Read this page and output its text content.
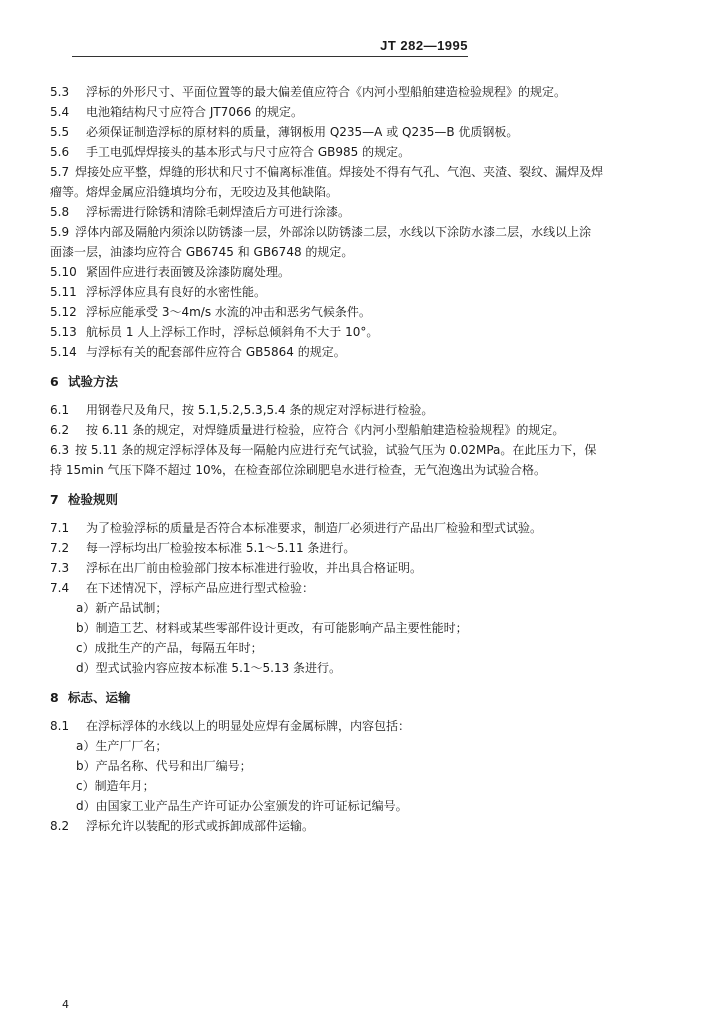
JT 282—1995
5.3	浮标的外形尺寸、平面位置等的最大偏差值应符合《内河小型船舶建造检验规程》的规定。
5.4	电池箱结构尺寸应符合 JT7066 的规定。
5.5	必须保证制造浮标的原材料的质量，薄钢板用 Q235—A 或 Q235—B 优质钢板。
5.6	手工电弧焊焊接头的基本形式与尺寸应符合 GB985 的规定。
5.7 焊接处应平整，焊缝的形状和尺寸不偏离标准值。焊接处不得有气孔、气泡、夹渣、裂纹、漏焊及焊
瘤等。熔焊金属应沿缝填均分布，无咬边及其他缺陷。
5.8	浮标需进行除锈和清除毛刺焊渣后方可进行涂漆。
5.9 浮体内部及隔舱内须涂以防锈漆一层，外部涂以防锈漆二层，水线以下涂防水漆二层，水线以上涂
面漆一层，油漆均应符合 GB6745 和 GB6748 的规定。
5.10 紧固件应进行表面镀及涂漆防腐处理。
5.11 浮标浮体应具有良好的水密性能。
5.12 浮标应能承受 3～4m/s 水流的冲击和恶劣气候条件。
5.13 航标员 1 人上浮标工作时，浮标总倾斜角不大于 10°。
5.14 与浮标有关的配套部件应符合 GB5864 的规定。
6 试验方法
6.1	用钢卷尺及角尺，按 5.1,5.2,5.3,5.4 条的规定对浮标进行检验。
6.2	按 6.11 条的规定，对焊缝质量进行检验，应符合《内河小型船舶建造检验规程》的规定。
6.3 按 5.11 条的规定浮标浮体及每一隔舱内应进行充气试验，试验气压为 0.02MPa。在此压力下，保
持 15min 气压下降不超过 10%，在检查部位涂刷肥皂水进行检查，无气泡逸出为试验合格。
7 检验规则
7.1	为了检验浮标的质量是否符合本标准要求，制造厂必须进行产品出厂检验和型式试验。
7.2	每一浮标均出厂检验按本标准 5.1～5.11 条进行。
7.3	浮标在出厂前由检验部门按本标准进行验收，并出具合格证明。
7.4	在下述情况下，浮标产品应进行型式检验：
a）新产品试制；
b）制造工艺、材料或某些零部件设计更改，有可能影响产品主要性能时；
c）成批生产的产品，每隔五年时；
d）型式试验内容应按本标准 5.1～5.13 条进行。
8 标志、运输
8.1	在浮标浮体的水线以上的明显处应焊有金属标牌，内容包括：
a）生产厂厂名；
b）产品名称、代号和出厂编号；
c）制造年月；
d）由国家工业产品生产许可证办公室颁发的许可证标记编号。
8.2	浮标允许以装配的形式或拆卸成部件运输。
4
